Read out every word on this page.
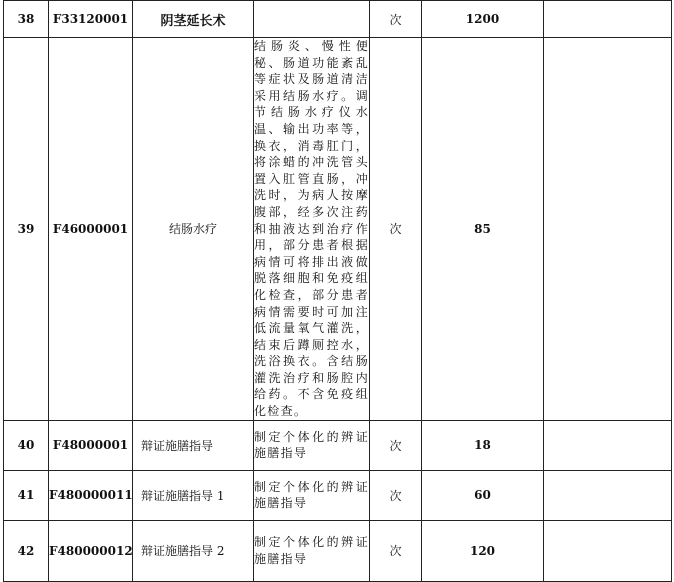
38	F33120001	阴茎延长术		次	1200	
39	F46000001	结肠水疗	结肠炎、慢性便秘、肠道功能紊乱等症状及肠道清洁采用结肠水疗。调节结肠水疗仪水温、输出功率等，换衣，消毒肛门，将涂蜡的冲洗管头置入肛管直肠，冲洗时，为病人按摩腹部，经多次注药和抽液达到治疗作用，部分患者根据病情可将排出液做脱落细胞和免疫组化检查，部分患者病情需要时可加注低流量氧气灌洗，结束后蹲厕控水，洗浴换衣。含结肠灌洗治疗和肠腔内给药。不含免疫组化检查。	次	85	
40	F48000001	辩证施膳指导	制定个体化的辨证施膳指导	次	18	
41	F480000011	辩证施膳指导 1	制定个体化的辨证施膳指导	次	60	
42	F480000012	辩证施膳指导 2	制定个体化的辨证施膳指导	次	120	
